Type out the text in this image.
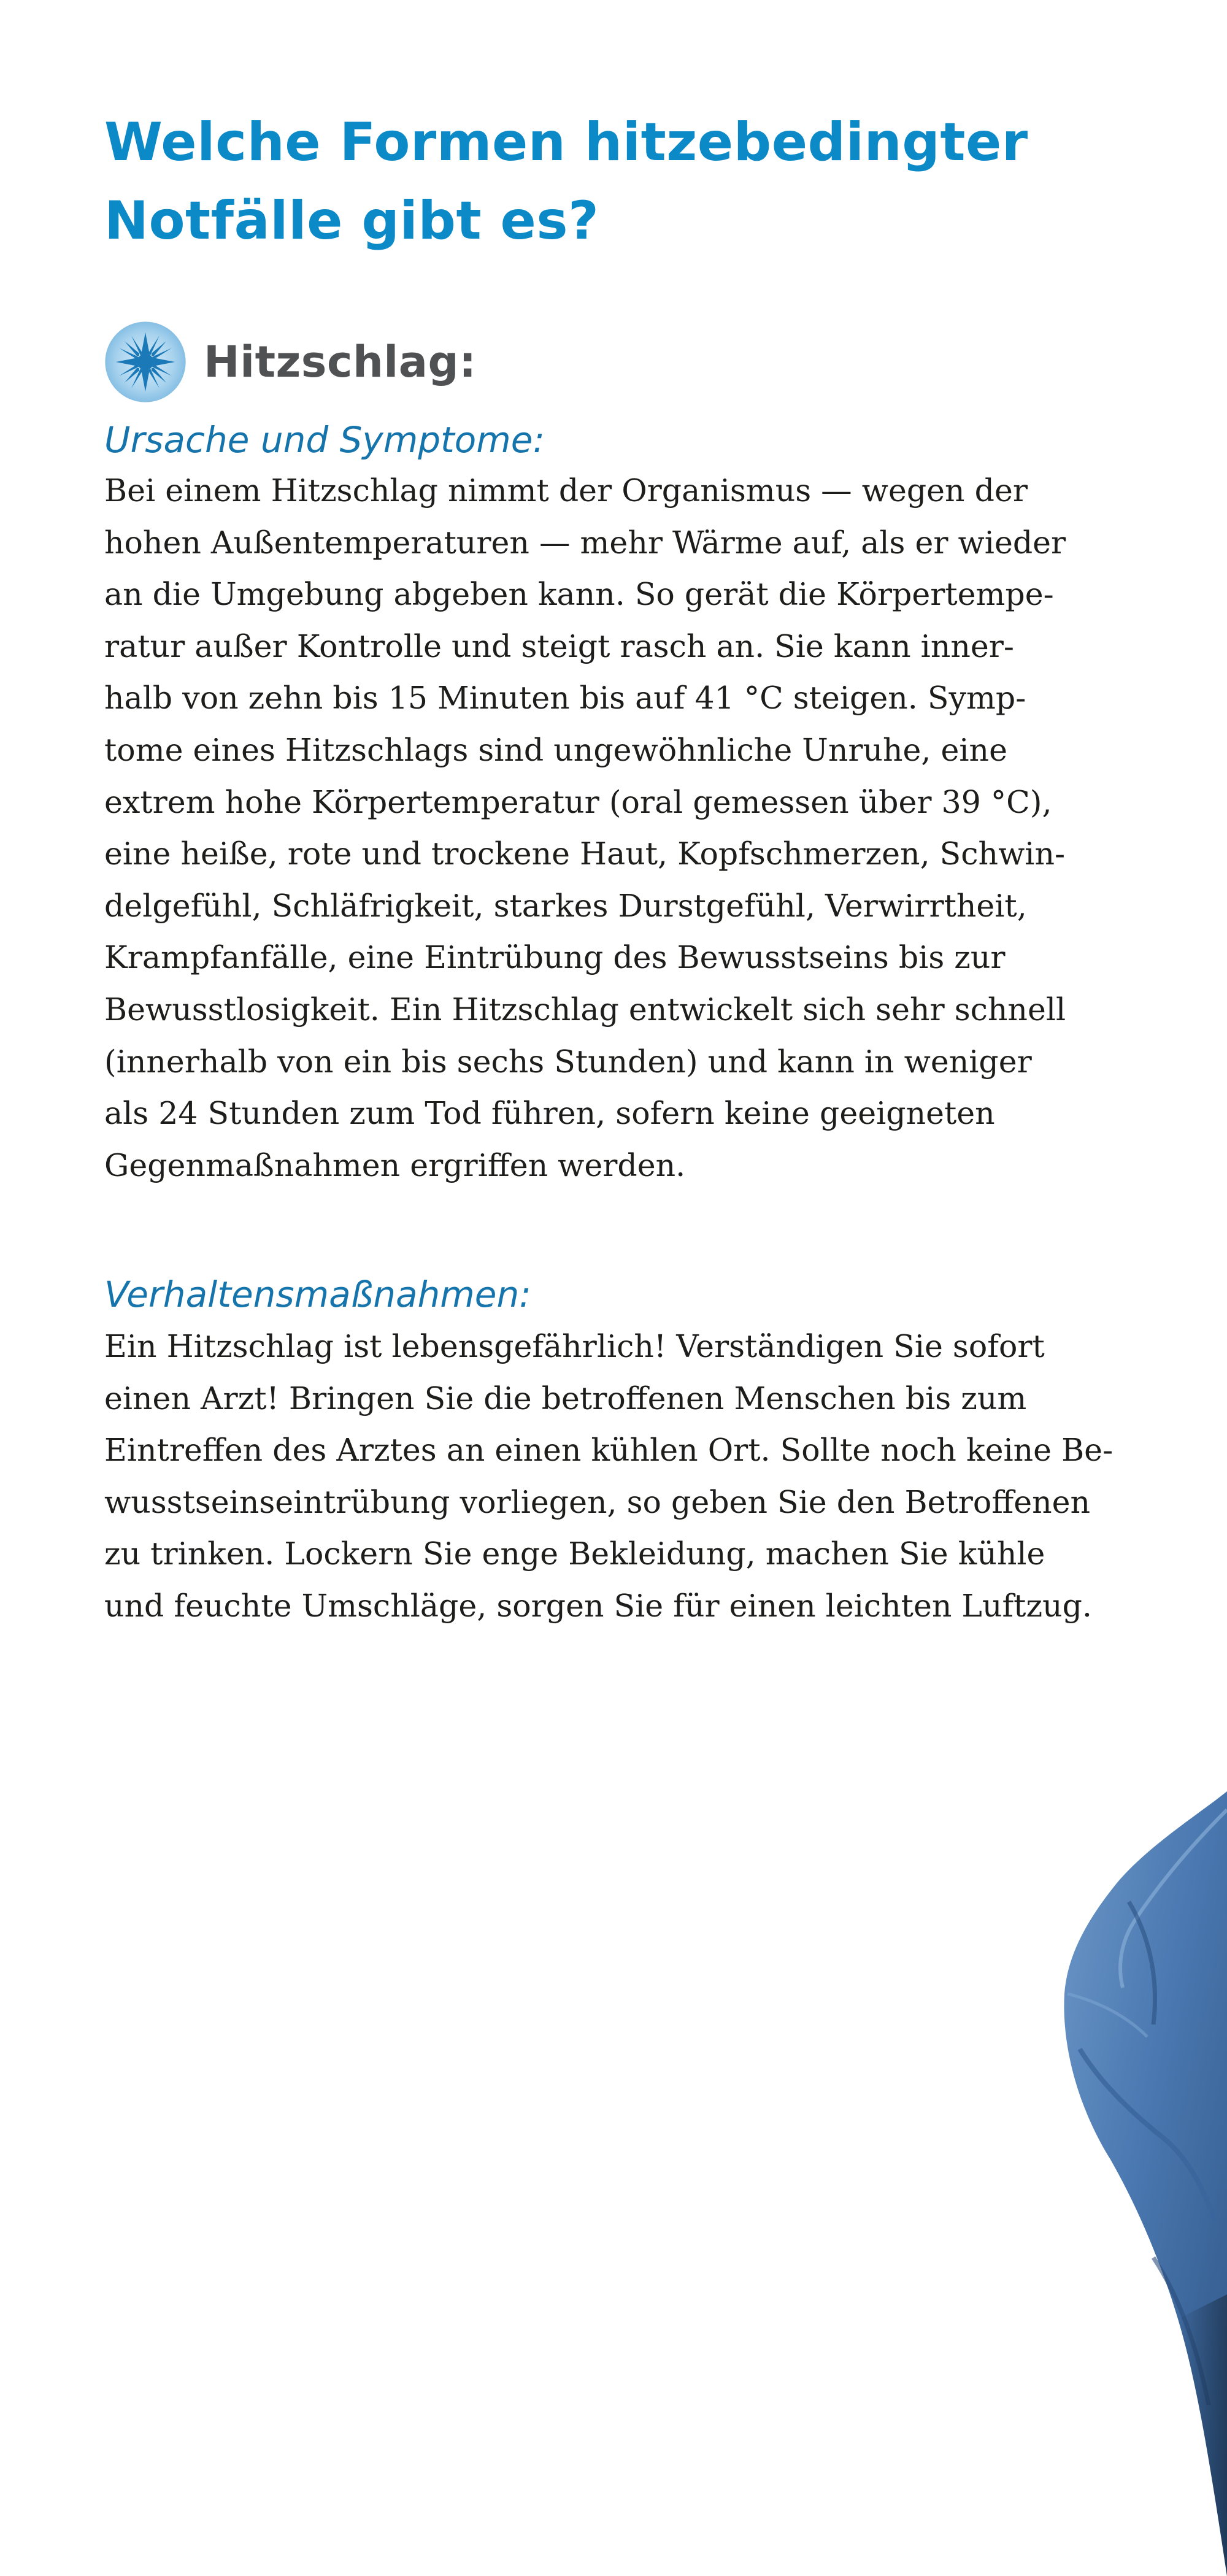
Welche Formen hitzebedingter
Notfälle gibt es?
Hitzschlag:
Ursache und Symptome:

Bei einem Hitzschlag nimmt der Organismus — wegen der
hohen Außentemperaturen — mehr Wärme auf, als er wieder
an die Umgebung abgeben kann. So gerät die Körpertempe-
ratur außer Kontrolle und steigt rasch an. Sie kann inner-
halb von zehn bis 15 Minuten bis auf 41 °C steigen. Symp-
tome eines Hitzschlags sind ungewöhnliche Unruhe, eine
extrem hohe Körpertemperatur (oral gemessen über 39 °C),
eine heiße, rote und trockene Haut, Kopfschmerzen, Schwin-
delgefühl, Schläfrigkeit, starkes Durstgefühl, Verwirrtheit,
Krampfanfälle, eine Eintrübung des Bewusstseins bis zur
Bewusstlosigkeit. Ein Hitzschlag entwickelt sich sehr schnell
(innerhalb von ein bis sechs Stunden) und kann in weniger
als 24 Stunden zum Tod führen, sofern keine geeigneten
Gegenmaßnahmen ergriffen werden.

Verhaltensmaßnahmen:

Ein Hitzschlag ist lebensgefährlich! Verständigen Sie sofort
einen Arzt! Bringen Sie die betroffenen Menschen bis zum
Eintreffen des Arztes an einen kühlen Ort. Sollte noch keine Be-
wusstseinseintrübung vorliegen, so geben Sie den Betroffenen
zu trinken. Lockern Sie enge Bekleidung, machen Sie kühle
und feuchte Umschläge, sorgen Sie für einen leichten Luftzug.
